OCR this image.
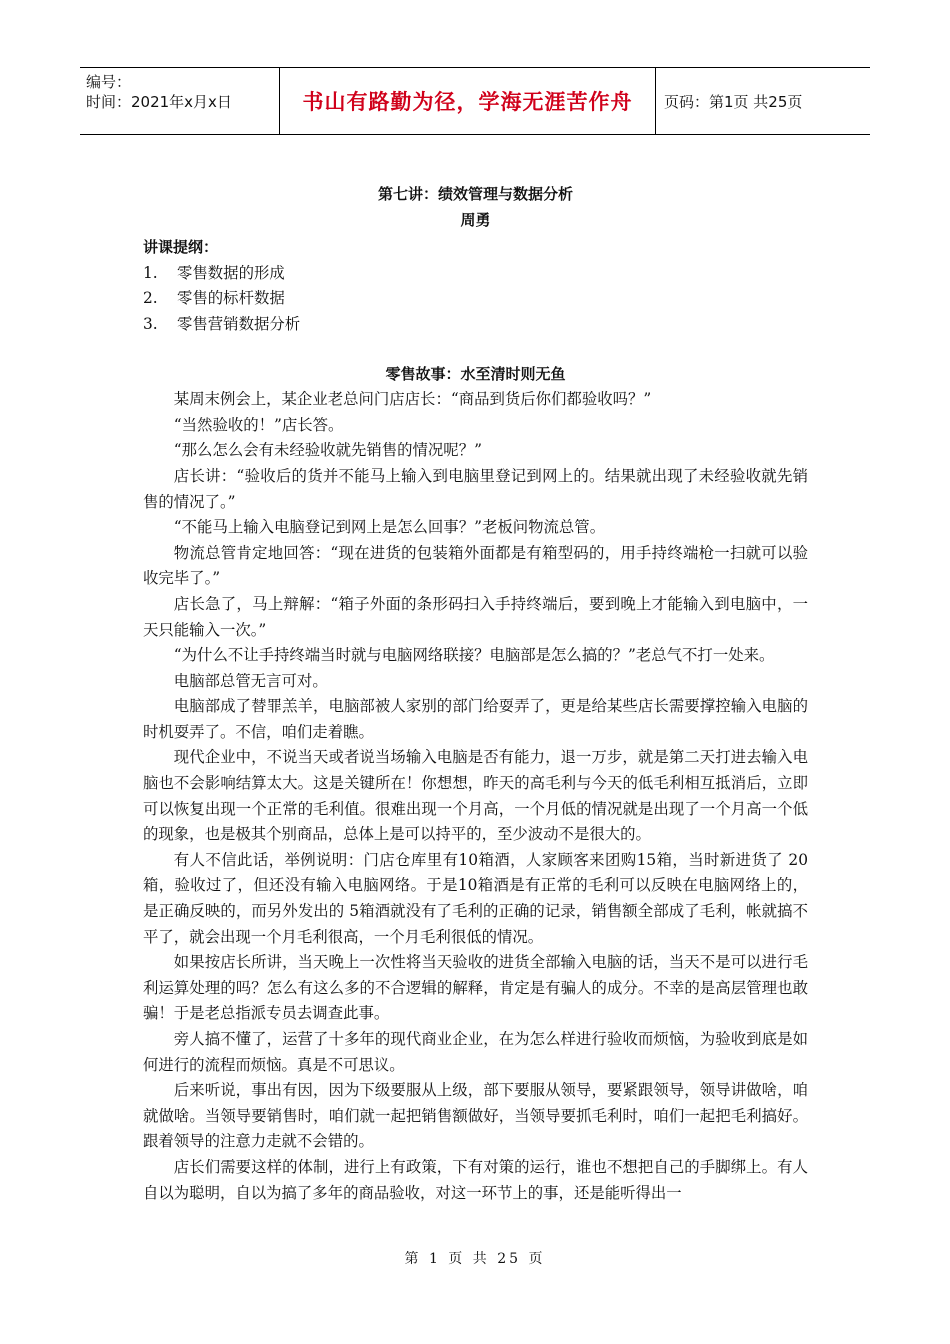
编号：
时间：2021年x月x日	书山有路勤为径，学海无涯苦作舟	页码：第1页 共25页
第七讲：绩效管理与数据分析
周勇
讲课提纲：
1.	零售数据的形成
2.	零售的标杆数据
3.	零售营销数据分析
零售故事：水至清时则无鱼

某周末例会上，某企业老总问门店店长：“商品到货后你们都验收吗？”

“当然验收的！”店长答。

“那么怎么会有未经验收就先销售的情况呢？”

店长讲：“验收后的货并不能马上输入到电脑里登记到网上的。结果就出现了未经验收就先销售的情况了。”

“不能马上输入电脑登记到网上是怎么回事？”老板问物流总管。

物流总管肯定地回答：“现在进货的包装箱外面都是有箱型码的，用手持终端枪一扫就可以验收完毕了。”

店长急了，马上辩解：“箱子外面的条形码扫入手持终端后，要到晚上才能输入到电脑中，一天只能输入一次。”

“为什么不让手持终端当时就与电脑网络联接？电脑部是怎么搞的？”老总气不打一处来。

电脑部总管无言可对。

电脑部成了替罪羔羊，电脑部被人家别的部门给耍弄了，更是给某些店长需要撑控输入电脑的时机耍弄了。不信，咱们走着瞧。

现代企业中，不说当天或者说当场输入电脑是否有能力，退一万步，就是第二天打进去输入电脑也不会影响结算太大。这是关键所在！你想想，昨天的高毛利与今天的低毛利相互抵消后，立即可以恢复出现一个正常的毛利值。很难出现一个月高，一个月低的情况就是出现了一个月高一个低的现象，也是极其个别商品，总体上是可以持平的，至少波动不是很大的。

有人不信此话，举例说明：门店仓库里有10箱酒，人家顾客来团购15箱，当时新进货了 20箱，验收过了，但还没有输入电脑网络。于是10箱酒是有正常的毛利可以反映在电脑网络上的，是正确反映的，而另外发出的 5箱酒就没有了毛利的正确的记录，销售额全部成了毛利，帐就搞不平了，就会出现一个月毛利很高，一个月毛利很低的情况。

如果按店长所讲，当天晚上一次性将当天验收的进货全部输入电脑的话，当天不是可以进行毛利运算处理的吗？怎么有这么多的不合逻辑的解释，肯定是有骗人的成分。不幸的是高层管理也敢骗！于是老总指派专员去调查此事。

旁人搞不懂了，运营了十多年的现代商业企业，在为怎么样进行验收而烦恼，为验收到底是如何进行的流程而烦恼。真是不可思议。

后来听说，事出有因，因为下级要服从上级，部下要服从领导，要紧跟领导，领导讲做啥，咱就做啥。当领导要销售时，咱们就一起把销售额做好，当领导要抓毛利时，咱们一起把毛利搞好。跟着领导的注意力走就不会错的。

店长们需要这样的体制，进行上有政策，下有对策的运行，谁也不想把自己的手脚绑上。有人自以为聪明，自以为搞了多年的商品验收，对这一环节上的事，还是能听得出一

第 1 页 共 25 页
